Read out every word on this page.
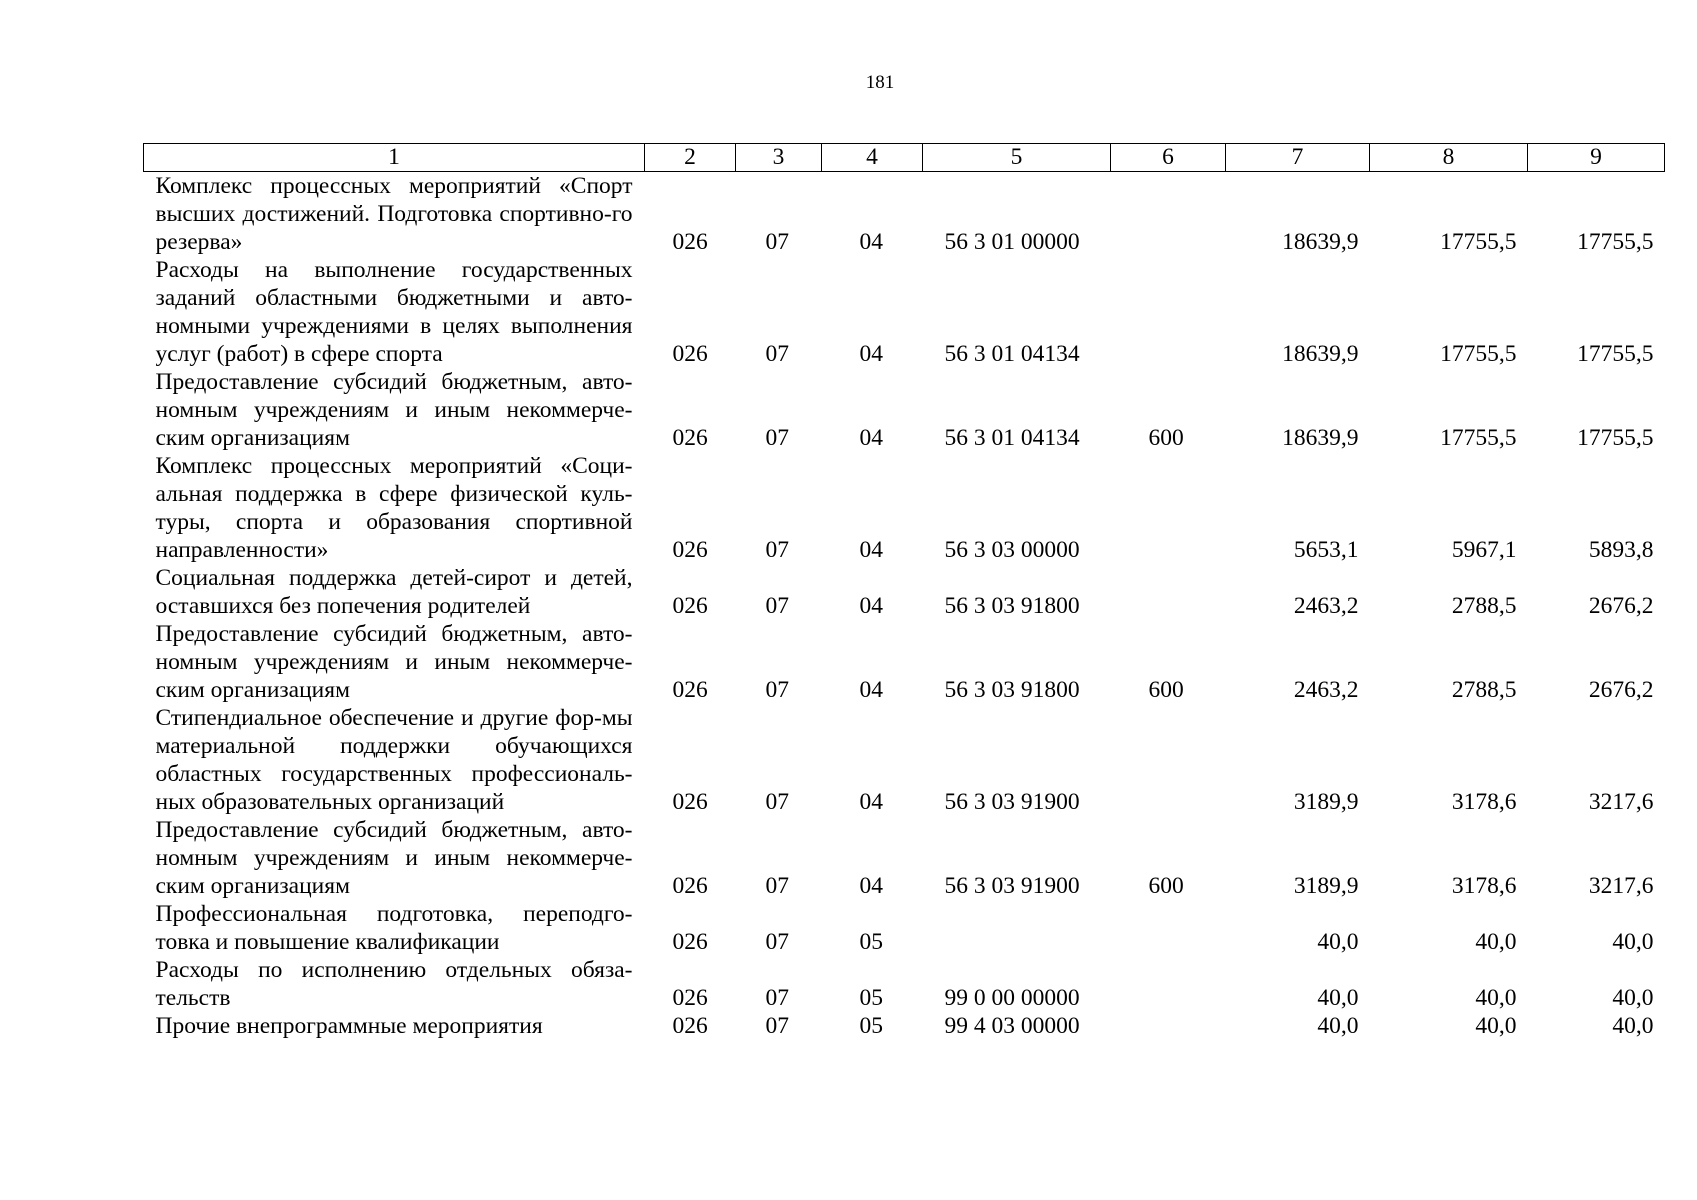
181
1	2	3	4	5	6	7	8	9
Комплекс процессных мероприятий «Спорт высших достижений. Подготовка спортивно-го резерва»	026	07	04	56 3 01 00000		18639,9	17755,5	17755,5
Расходы на выполнение государственных заданий областными бюджетными и авто-номными учреждениями в целях выполнения услуг (работ) в сфере спорта	026	07	04	56 3 01 04134		18639,9	17755,5	17755,5
Предоставление субсидий бюджетным, авто-номным учреждениям и иным некоммерче-ским организациям	026	07	04	56 3 01 04134	600	18639,9	17755,5	17755,5
Комплекс процессных мероприятий «Соци-альная поддержка в сфере физической куль-туры, спорта и образования спортивной направленности»	026	07	04	56 3 03 00000		5653,1	5967,1	5893,8
Социальная поддержка детей-сирот и детей, оставшихся без попечения родителей	026	07	04	56 3 03 91800		2463,2	2788,5	2676,2
Предоставление субсидий бюджетным, авто-номным учреждениям и иным некоммерче-ским организациям	026	07	04	56 3 03 91800	600	2463,2	2788,5	2676,2
Стипендиальное обеспечение и другие фор-мы материальной поддержки обучающихся областных государственных профессиональ-ных образовательных организаций	026	07	04	56 3 03 91900		3189,9	3178,6	3217,6
Предоставление субсидий бюджетным, авто-номным учреждениям и иным некоммерче-ским организациям	026	07	04	56 3 03 91900	600	3189,9	3178,6	3217,6
Профессиональная подготовка, переподго-товка и повышение квалификации	026	07	05			40,0	40,0	40,0
Расходы по исполнению отдельных обяза-тельств	026	07	05	99 0 00 00000		40,0	40,0	40,0
Прочие внепрограммные мероприятия	026	07	05	99 4 03 00000		40,0	40,0	40,0
